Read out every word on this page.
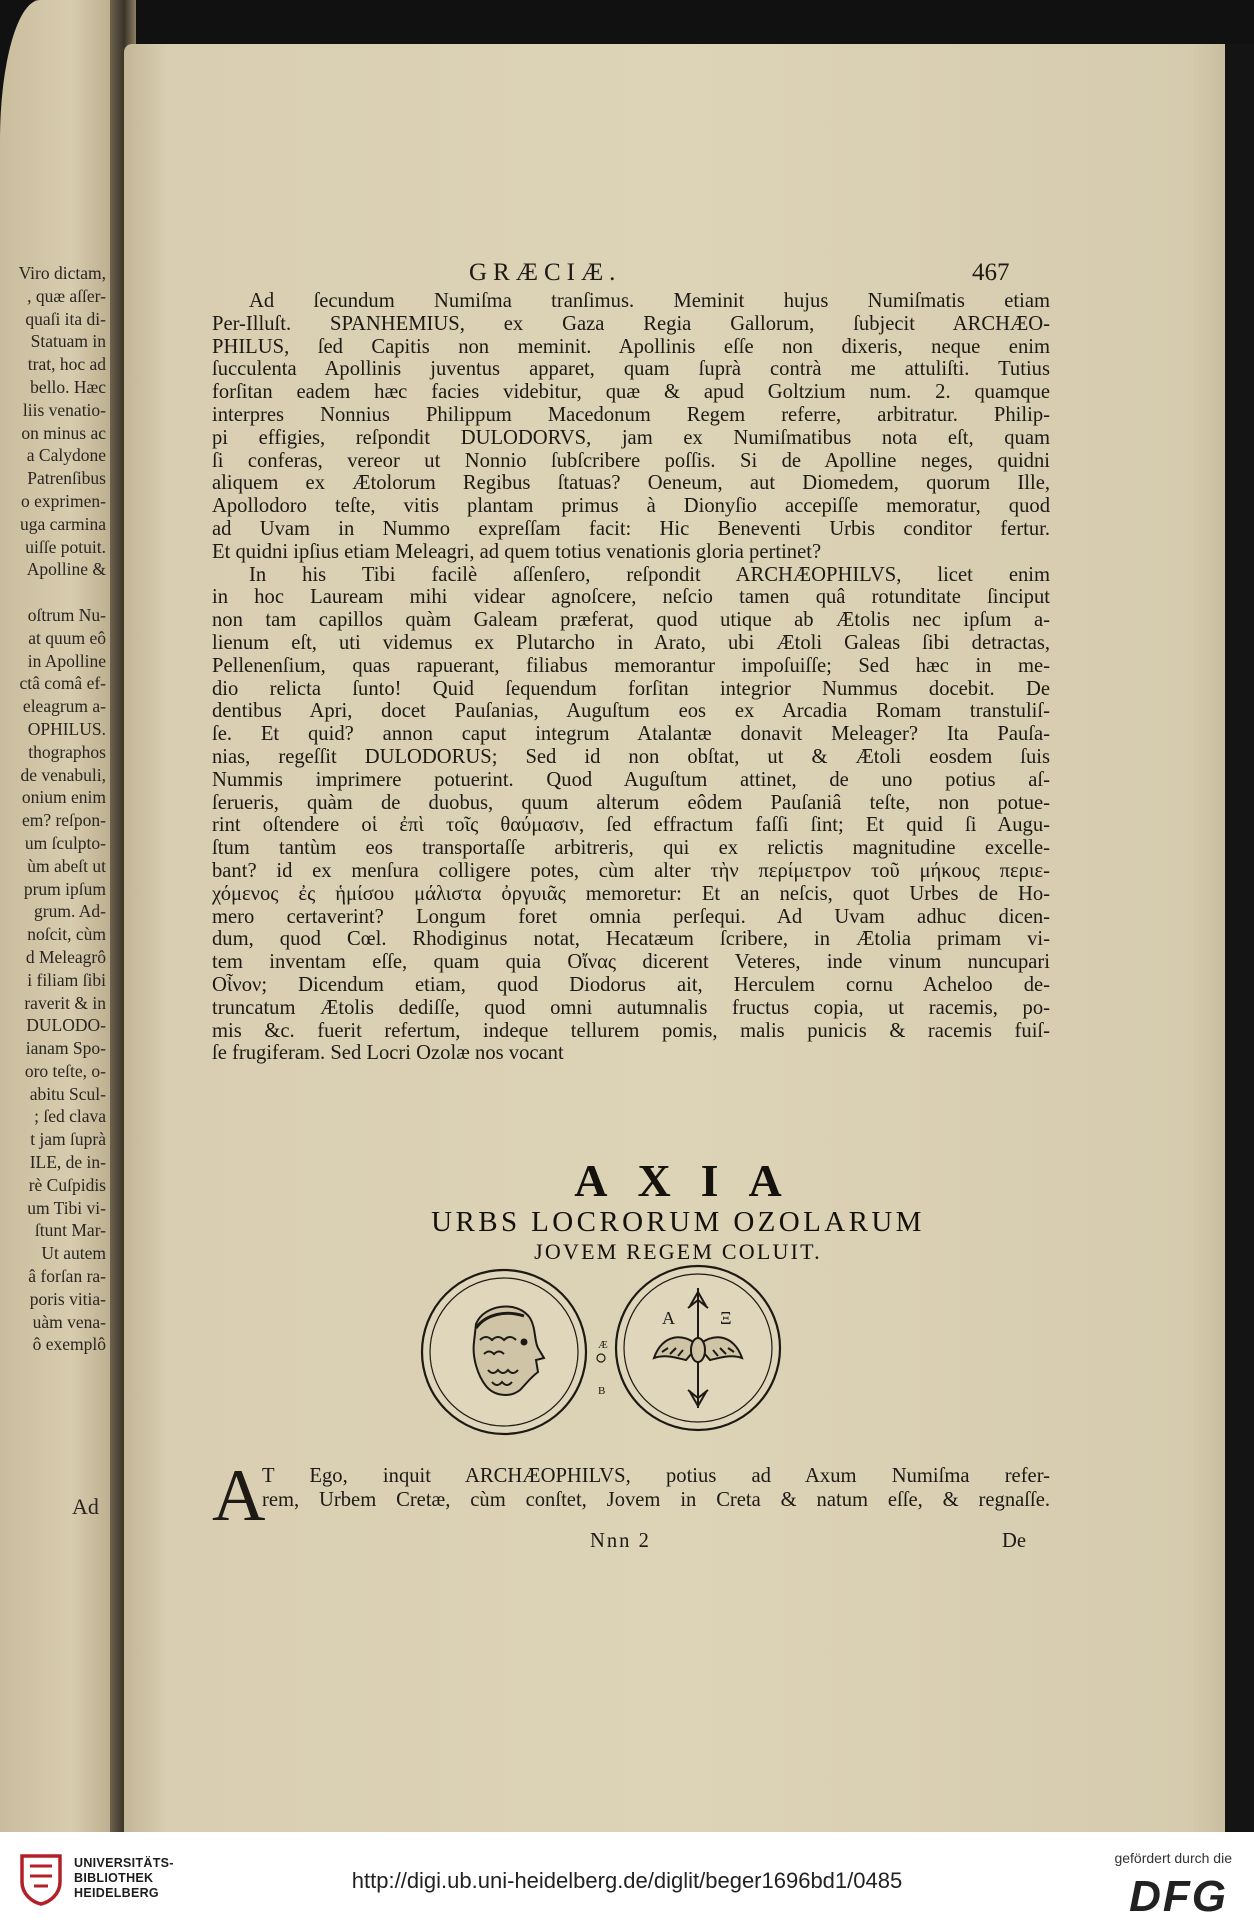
Viro dictam,
, quæ aſſer-
quaſi ita di-
Statuam in
trat, hoc ad
bello. Hæc
liis venatio-
on minus ac
a Calydone
Patrenſibus
o exprimen-
uga carmina
uiſſe potuit.
Apolline &
oſtrum Nu-
at quum eô
in Apolline
ctâ comâ ef-
eleagrum a-
OPHILUS.
thographos
de venabuli,
onium enim
em? reſpon-
um ſculpto-
ùm abeſt ut
prum ipſum
grum. Ad-
noſcit, cùm
d Meleagrô
i filiam ſibi
raverit & in
DULODO-
ianam Spo-
oro teſte, o-
abitu Scul-
; ſed clava
t jam ſuprà
ILE, de in-
rè Cuſpidis
um Tibi vi-
ſtunt Mar-
Ut autem
â forſan ra-
poris vitia-
uàm vena-
ô exemplô
Ad
GRÆCIÆ.	467
Ad ſecundum Numiſma tranſimus. Meminit hujus Numiſmatis etiam
Per-Illuſt. SPANHEMIUS, ex Gaza Regia Gallorum, ſubjecit ARCHÆO-
PHILUS, ſed Capitis non meminit. Apollinis eſſe non dixeris, neque enim
ſucculenta Apollinis juventus apparet, quam ſuprà contrà me attuliſti. Tutius
forſitan eadem hæc facies videbitur, quæ & apud Goltzium num. 2. quamque
interpres Nonnius Philippum Macedonum Regem referre, arbitratur. Philip-
pi effigies, reſpondit DULODORVS, jam ex Numiſmatibus nota eſt, quam
ſi conferas, vereor ut Nonnio ſubſcribere poſſis. Si de Apolline neges, quidni
aliquem ex Ætolorum Regibus ſtatuas? Oeneum, aut Diomedem, quorum Ille,
Apollodoro teſte, vitis plantam primus à Dionyſio accepiſſe memoratur, quod
ad Uvam in Nummo expreſſam facit: Hic Beneventi Urbis conditor fertur.
Et quidni ipſius etiam Meleagri, ad quem totius venationis gloria pertinet?
In his Tibi facilè aſſenſero, reſpondit ARCHÆOPHILVS, licet enim
in hoc Lauream mihi videar agnoſcere, neſcio tamen quâ rotunditate ſinciput
non tam capillos quàm Galeam præferat, quod utique ab Ætolis nec ipſum a-
lienum eſt, uti videmus ex Plutarcho in Arato, ubi Ætoli Galeas ſibi detractas,
Pellenenſium, quas rapuerant, filiabus memorantur impoſuiſſe; Sed hæc in me-
dio relicta ſunto! Quid ſequendum forſitan integrior Nummus docebit. De
dentibus Apri, docet Pauſanias, Auguſtum eos ex Arcadia Romam transtuliſ-
ſe. Et quid? annon caput integrum Atalantæ donavit Meleager? Ita Pauſa-
nias, regeſſit DULODORUS; Sed id non obſtat, ut & Ætoli eosdem ſuis
Nummis imprimere potuerint. Quod Auguſtum attinet, de uno potius aſ-
ſerueris, quàm de duobus, quum alterum eôdem Pauſaniâ teſte, non potue-
rint oſtendere οἱ ἐπὶ τοῖς θαύμασιν, ſed effractum faſſi ſint; Et quid ſi Augu-
ſtum tantùm eos transportaſſe arbitreris, qui ex relictis magnitudine excelle-
bant? id ex menſura colligere potes, cùm alter τὴν περίμετρον τοῦ μήκους περιε-
χόμενος ἐς ἡμίσου μάλιστα ὀργυιᾶς memoretur: Et an neſcis, quot Urbes de Ho-
mero certaverint? Longum foret omnia perſequi. Ad Uvam adhuc dicen-
dum, quod Cœl. Rhodiginus notat, Hecatæum ſcribere, in Ætolia primam vi-
tem inventam eſſe, quam quia Οἴνας dicerent Veteres, inde vinum nuncupari
Οἶνον; Dicendum etiam, quod Diodorus ait, Herculem cornu Acheloo de-
truncatum Ætolis dediſſe, quod omni autumnalis fructus copia, ut racemis, po-
mis &c. fuerit refertum, indeque tellurem pomis, malis punicis & racemis fuiſ-
ſe frugiferam. Sed Locri Ozolæ nos vocant
AXIA
URBS LOCRORUM OZOLARUM
JOVEM REGEM COLUIT.
Æ
B
A	Ξ
A
T Ego, inquit ARCHÆOPHILVS, potius ad Axum Numiſma refer-
rem, Urbem Cretæ, cùm conſtet, Jovem in Creta & natum eſſe, & regnaſſe.
Nnn 2	De
UNIVERSITÄTS-
BIBLIOTHEK
HEIDELBERG	http://digi.ub.uni-heidelberg.de/diglit/beger1696bd1/0485
gefördert durch die
DFG
